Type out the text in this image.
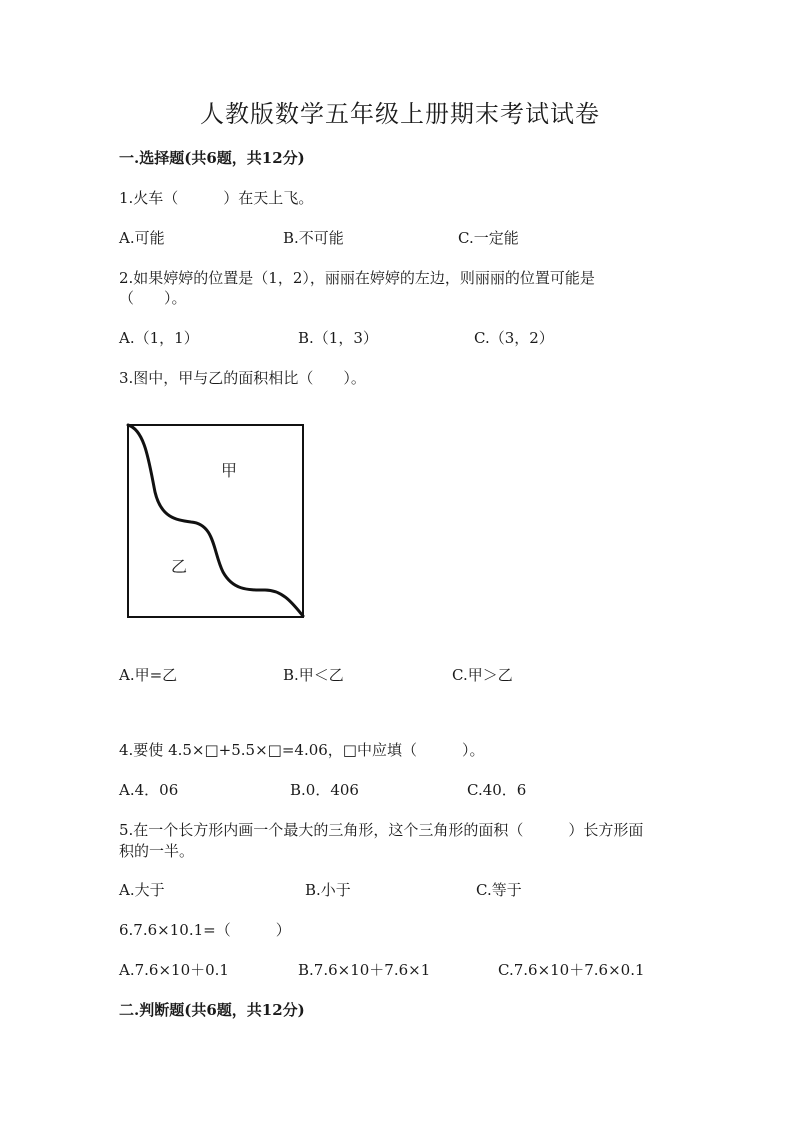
人教版数学五年级上册期末考试试卷
一.选择题(共6题，共12分)
1.火车（　　　）在天上飞。
A.可能	B.不可能	C.一定能
2.如果婷婷的位置是（1，2），丽丽在婷婷的左边，则丽丽的位置可能是
（　　）。
A.（1，1）	B.（1，3）	C.（3，2）
3.图中，甲与乙的面积相比（　　）。
甲
乙
A.甲=乙	B.甲＜乙	C.甲＞乙
4.要使 4.5×□+5.5×□=4.06，□中应填（　　　）。
A.4．06	B.0．406	C.40．6
5.在一个长方形内画一个最大的三角形，这个三角形的面积（　　　）长方形面
积的一半。
A.大于	B.小于	C.等于
6.7.6×10.1=（　　　）
A.7.6×10＋0.1	B.7.6×10＋7.6×1	C.7.6×10＋7.6×0.1
二.判断题(共6题，共12分)
